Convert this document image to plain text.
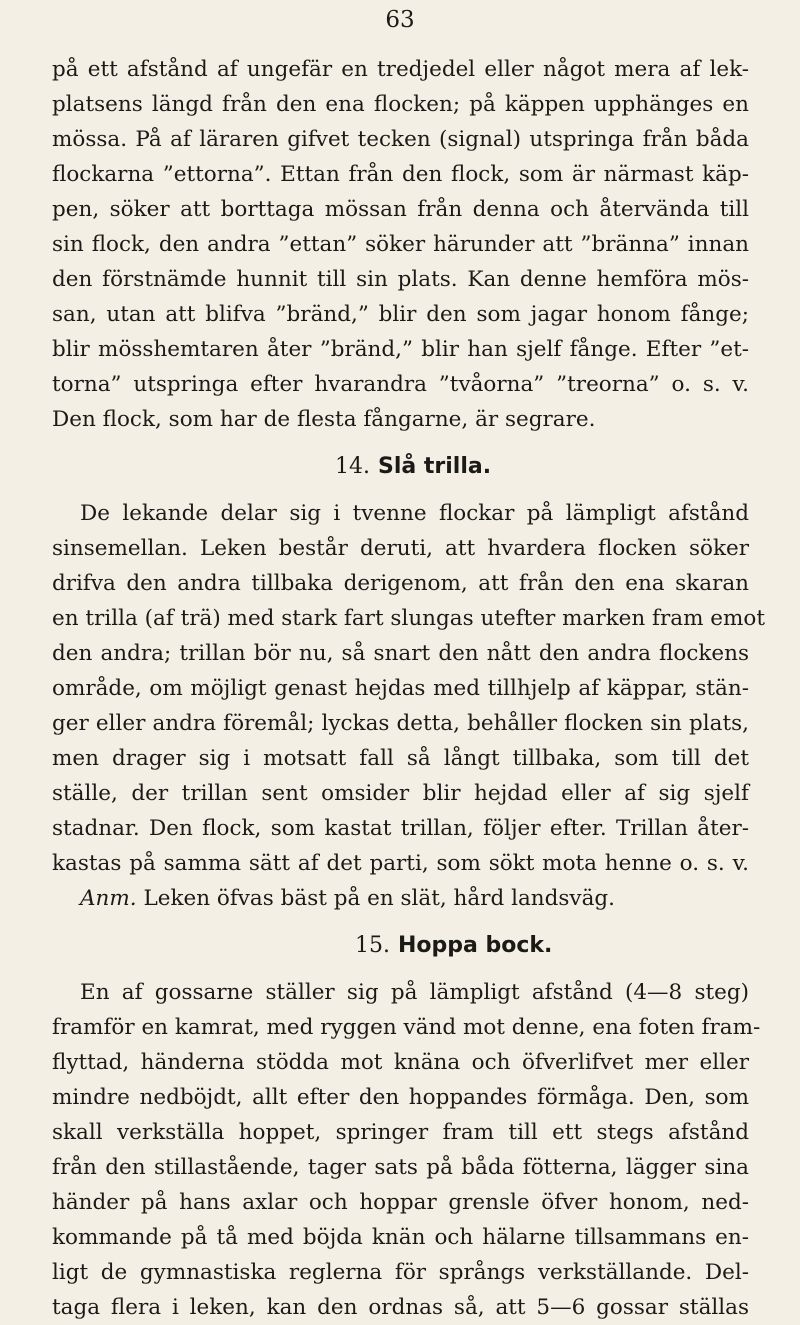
63
på ett afstånd af ungefär en tredjedel eller något mera af lek-
platsens längd från den ena flocken; på käppen upphänges en
mössa. På af läraren gifvet tecken (signal) utspringa från båda
flockarna ”ettorna”. Ettan från den flock, som är närmast käp-
pen, söker att borttaga mössan från denna och återvända till
sin flock, den andra ”ettan” söker härunder att ”bränna” innan
den förstnämde hunnit till sin plats. Kan denne hemföra mös-
san, utan att blifva ”bränd,” blir den som jagar honom fånge;
blir mösshemtaren åter ”bränd,” blir han sjelf fånge. Efter ”et-
torna” utspringa efter hvarandra ”tvåorna” ”treorna” o. s. v.
Den flock, som har de flesta fångarne, är segrare.
14. Slå trilla.
De lekande delar sig i tvenne flockar på lämpligt afstånd
sinsemellan. Leken består deruti, att hvardera flocken söker
drifva den andra tillbaka derigenom, att från den ena skaran
en trilla (af trä) med stark fart slungas utefter marken fram emot
den andra; trillan bör nu, så snart den nått den andra flockens
område, om möjligt genast hejdas med tillhjelp af käppar, stän-
ger eller andra föremål; lyckas detta, behåller flocken sin plats,
men drager sig i motsatt fall så långt tillbaka, som till det
ställe, der trillan sent omsider blir hejdad eller af sig sjelf
stadnar. Den flock, som kastat trillan, följer efter. Trillan åter-
kastas på samma sätt af det parti, som sökt mota henne o. s. v.
Anm. Leken öfvas bäst på en slät, hård landsväg.
15. Hoppa bock.
En af gossarne ställer sig på lämpligt afstånd (4—8 steg)
framför en kamrat, med ryggen vänd mot denne, ena foten fram-
flyttad, händerna stödda mot knäna och öfverlifvet mer eller
mindre nedböjdt, allt efter den hoppandes förmåga. Den, som
skall verkställa hoppet, springer fram till ett stegs afstånd
från den stillastående, tager sats på båda fötterna, lägger sina
händer på hans axlar och hoppar grensle öfver honom, ned-
kommande på tå med böjda knän och hälarne tillsammans en-
ligt de gymnastiska reglerna för språngs verkställande. Del-
taga flera i leken, kan den ordnas så, att 5—6 gossar ställas
